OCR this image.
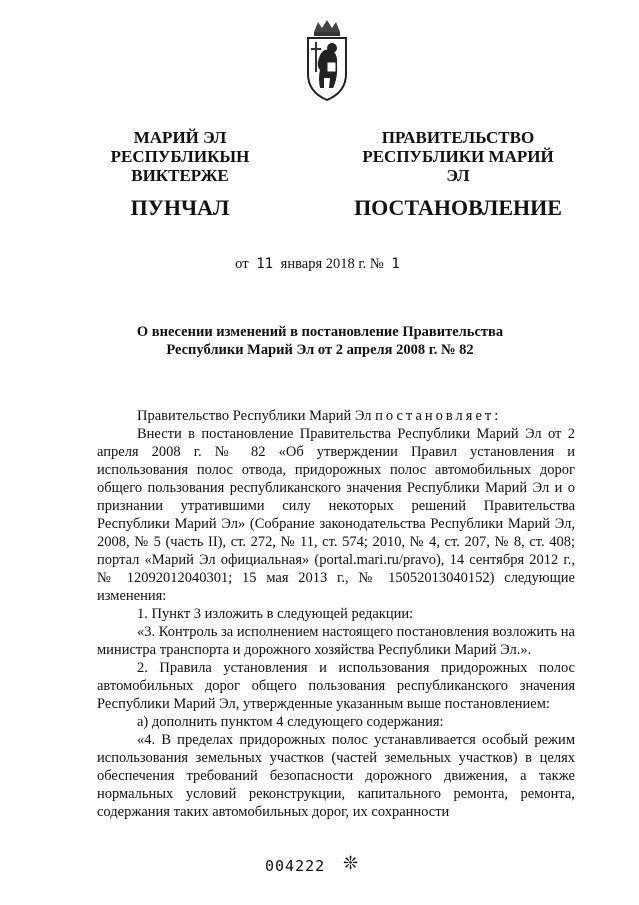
МАРИЙ ЭЛ РЕСПУБЛИКЫН
ВИКТЕРЖЕ
ПУНЧАЛ
ПРАВИТЕЛЬСТВО
РЕСПУБЛИКИ МАРИЙ ЭЛ
ПОСТАНОВЛЕНИЕ
от 11 января 2018 г. № 1
О внесении изменений в постановление Правительства
Республики Марий Эл от 2 апреля 2008 г. № 82

Правительство Республики Марий Эл постановляет:

Внести в постановление Правительства Республики Марий Эл от 2 апреля 2008 г. № 82 «Об утверждении Правил установления и использования полос отвода, придорожных полос автомобильных дорог общего пользования республиканского значения Республики Марий Эл и о признании утратившими силу некоторых решений Правительства Республики Марий Эл» (Собрание законодательства Республики Марий Эл, 2008, № 5 (часть II), ст. 272, № 11, ст. 574; 2010, № 4, ст. 207, № 8, ст. 408; портал «Марий Эл официальная» (portal.mari.ru/pravo), 14 сентября 2012 г., № 12092012040301; 15 мая 2013 г., № 15052013040152) следующие изменения:

1. Пункт 3 изложить в следующей редакции:

«3. Контроль за исполнением настоящего постановления возложить на министра транспорта и дорожного хозяйства Республики Марий Эл.».

2. Правила установления и использования придорожных полос автомобильных дорог общего пользования республиканского значения Республики Марий Эл, утвержденные указанным выше постановлением:

а) дополнить пунктом 4 следующего содержания:

«4. В пределах придорожных полос устанавливается особый режим использования земельных участков (частей земельных участков) в целях обеспечения требований безопасности дорожного движения, а также нормальных условий реконструкции, капитального ремонта, ремонта, содержания таких автомобильных дорог, их сохранности

004222 ❊
